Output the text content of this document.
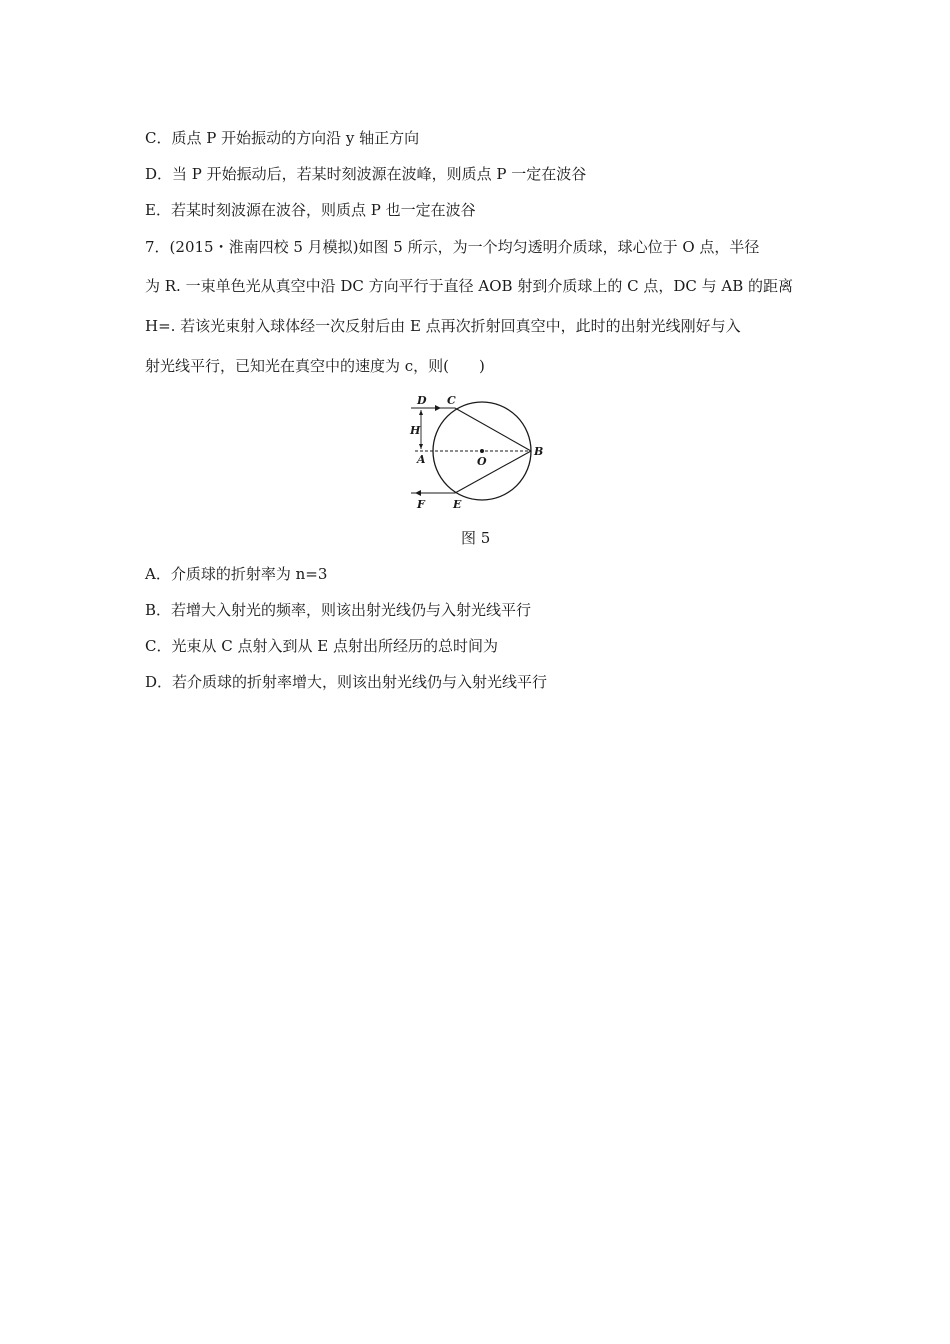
C．质点 P 开始振动的方向沿 y 轴正方向
D．当 P 开始振动后，若某时刻波源在波峰，则质点 P 一定在波谷
E．若某时刻波源在波谷，则质点 P 也一定在波谷
7．(2015・淮南四校 5 月模拟)如图 5 所示，为一个均匀透明介质球，球心位于 O 点，半径
为 R. 一束单色光从真空中沿 DC 方向平行于直径 AOB 射到介质球上的 C 点，DC 与 AB 的距离
H=. 若该光束射入球体经一次反射后由 E 点再次折射回真空中，此时的出射光线刚好与入
射光线平行，已知光在真空中的速度为 c，则(　　)
D C
H
A	O
B
F	E
图 5
A．介质球的折射率为 n=3
B．若增大入射光的频率，则该出射光线仍与入射光线平行
C．光束从 C 点射入到从 E 点射出所经历的总时间为
D．若介质球的折射率增大，则该出射光线仍与入射光线平行
